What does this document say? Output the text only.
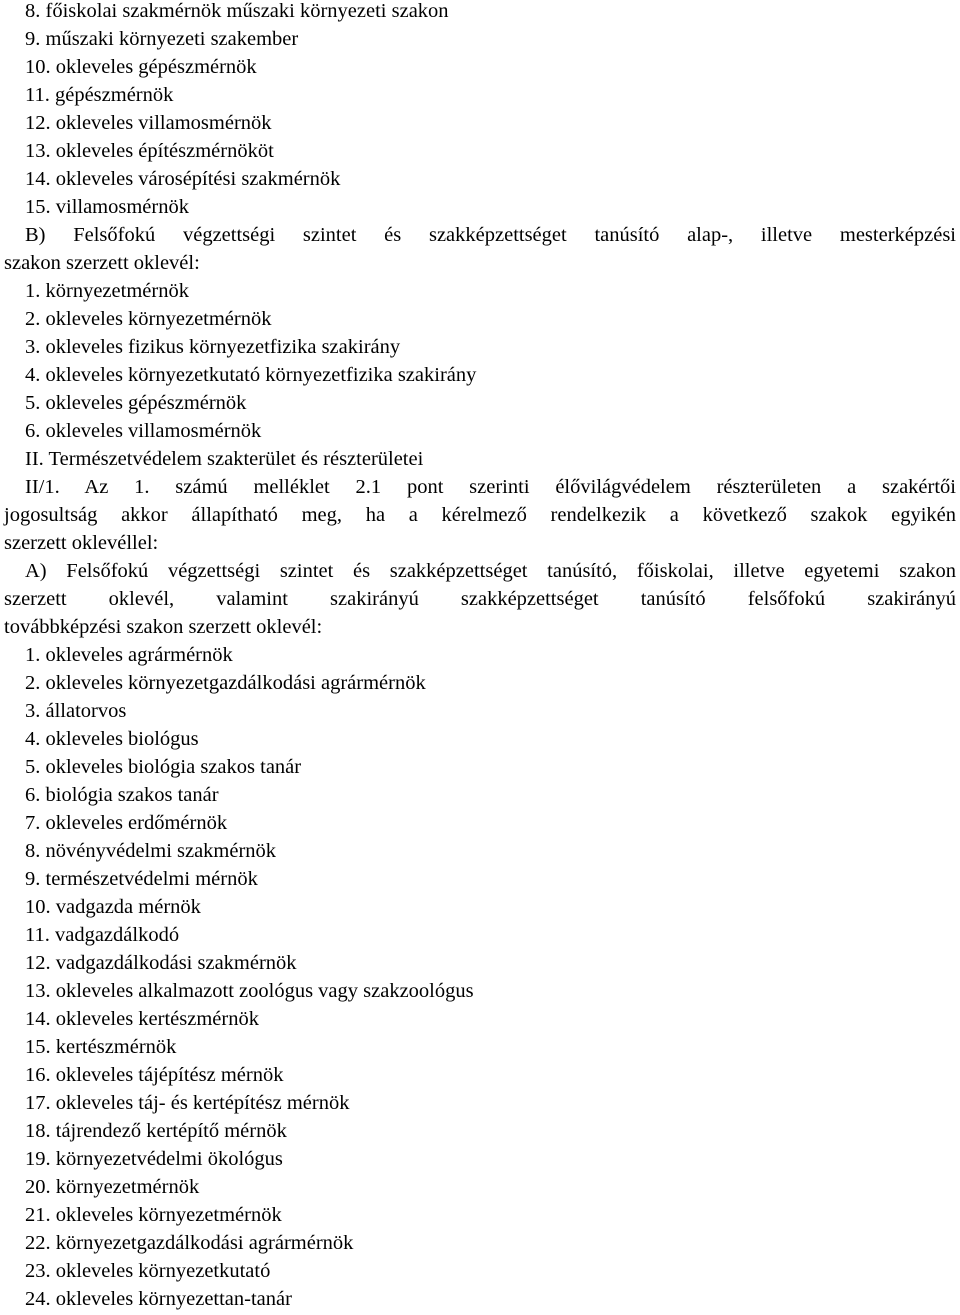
8. főiskolai szakmérnök műszaki környezeti szakon

9. műszaki környezeti szakember

10. okleveles gépészmérnök

11. gépészmérnök

12. okleveles villamosmérnök

13. okleveles építészmérnököt

14. okleveles városépítési szakmérnök

15. villamosmérnök

B) Felsőfokú végzettségi szintet és szakképzettséget tanúsító alap-, illetve mesterképzési
szakon szerzett oklevél:

1. környezetmérnök

2. okleveles környezetmérnök

3. okleveles fizikus környezetfizika szakirány

4. okleveles környezetkutató környezetfizika szakirány

5. okleveles gépészmérnök

6. okleveles villamosmérnök

II. Természetvédelem szakterület és részterületei

II/1. Az 1. számú melléklet 2.1 pont szerinti élővilágvédelem részterületen a szakértői
jogosultság akkor állapítható meg, ha a kérelmező rendelkezik a következő szakok egyikén
szerzett oklevéllel:
A) Felsőfokú végzettségi szintet és szakképzettséget tanúsító, főiskolai, illetve egyetemi szakon
szerzett oklevél, valamint szakirányú szakképzettséget tanúsító felsőfokú szakirányú
továbbképzési szakon szerzett oklevél:

1. okleveles agrármérnök

2. okleveles környezetgazdálkodási agrármérnök

3. állatorvos

4. okleveles biológus

5. okleveles biológia szakos tanár

6. biológia szakos tanár

7. okleveles erdőmérnök

8. növényvédelmi szakmérnök

9. természetvédelmi mérnök

10. vadgazda mérnök

11. vadgazdálkodó

12. vadgazdálkodási szakmérnök

13. okleveles alkalmazott zoológus vagy szakzoológus

14. okleveles kertészmérnök

15. kertészmérnök

16. okleveles tájépítész mérnök

17. okleveles táj- és kertépítész mérnök

18. tájrendező kertépítő mérnök

19. környezetvédelmi ökológus

20. környezetmérnök

21. okleveles környezetmérnök

22. környezetgazdálkodási agrármérnök

23. okleveles környezetkutató

24. okleveles környezettan-tanár
